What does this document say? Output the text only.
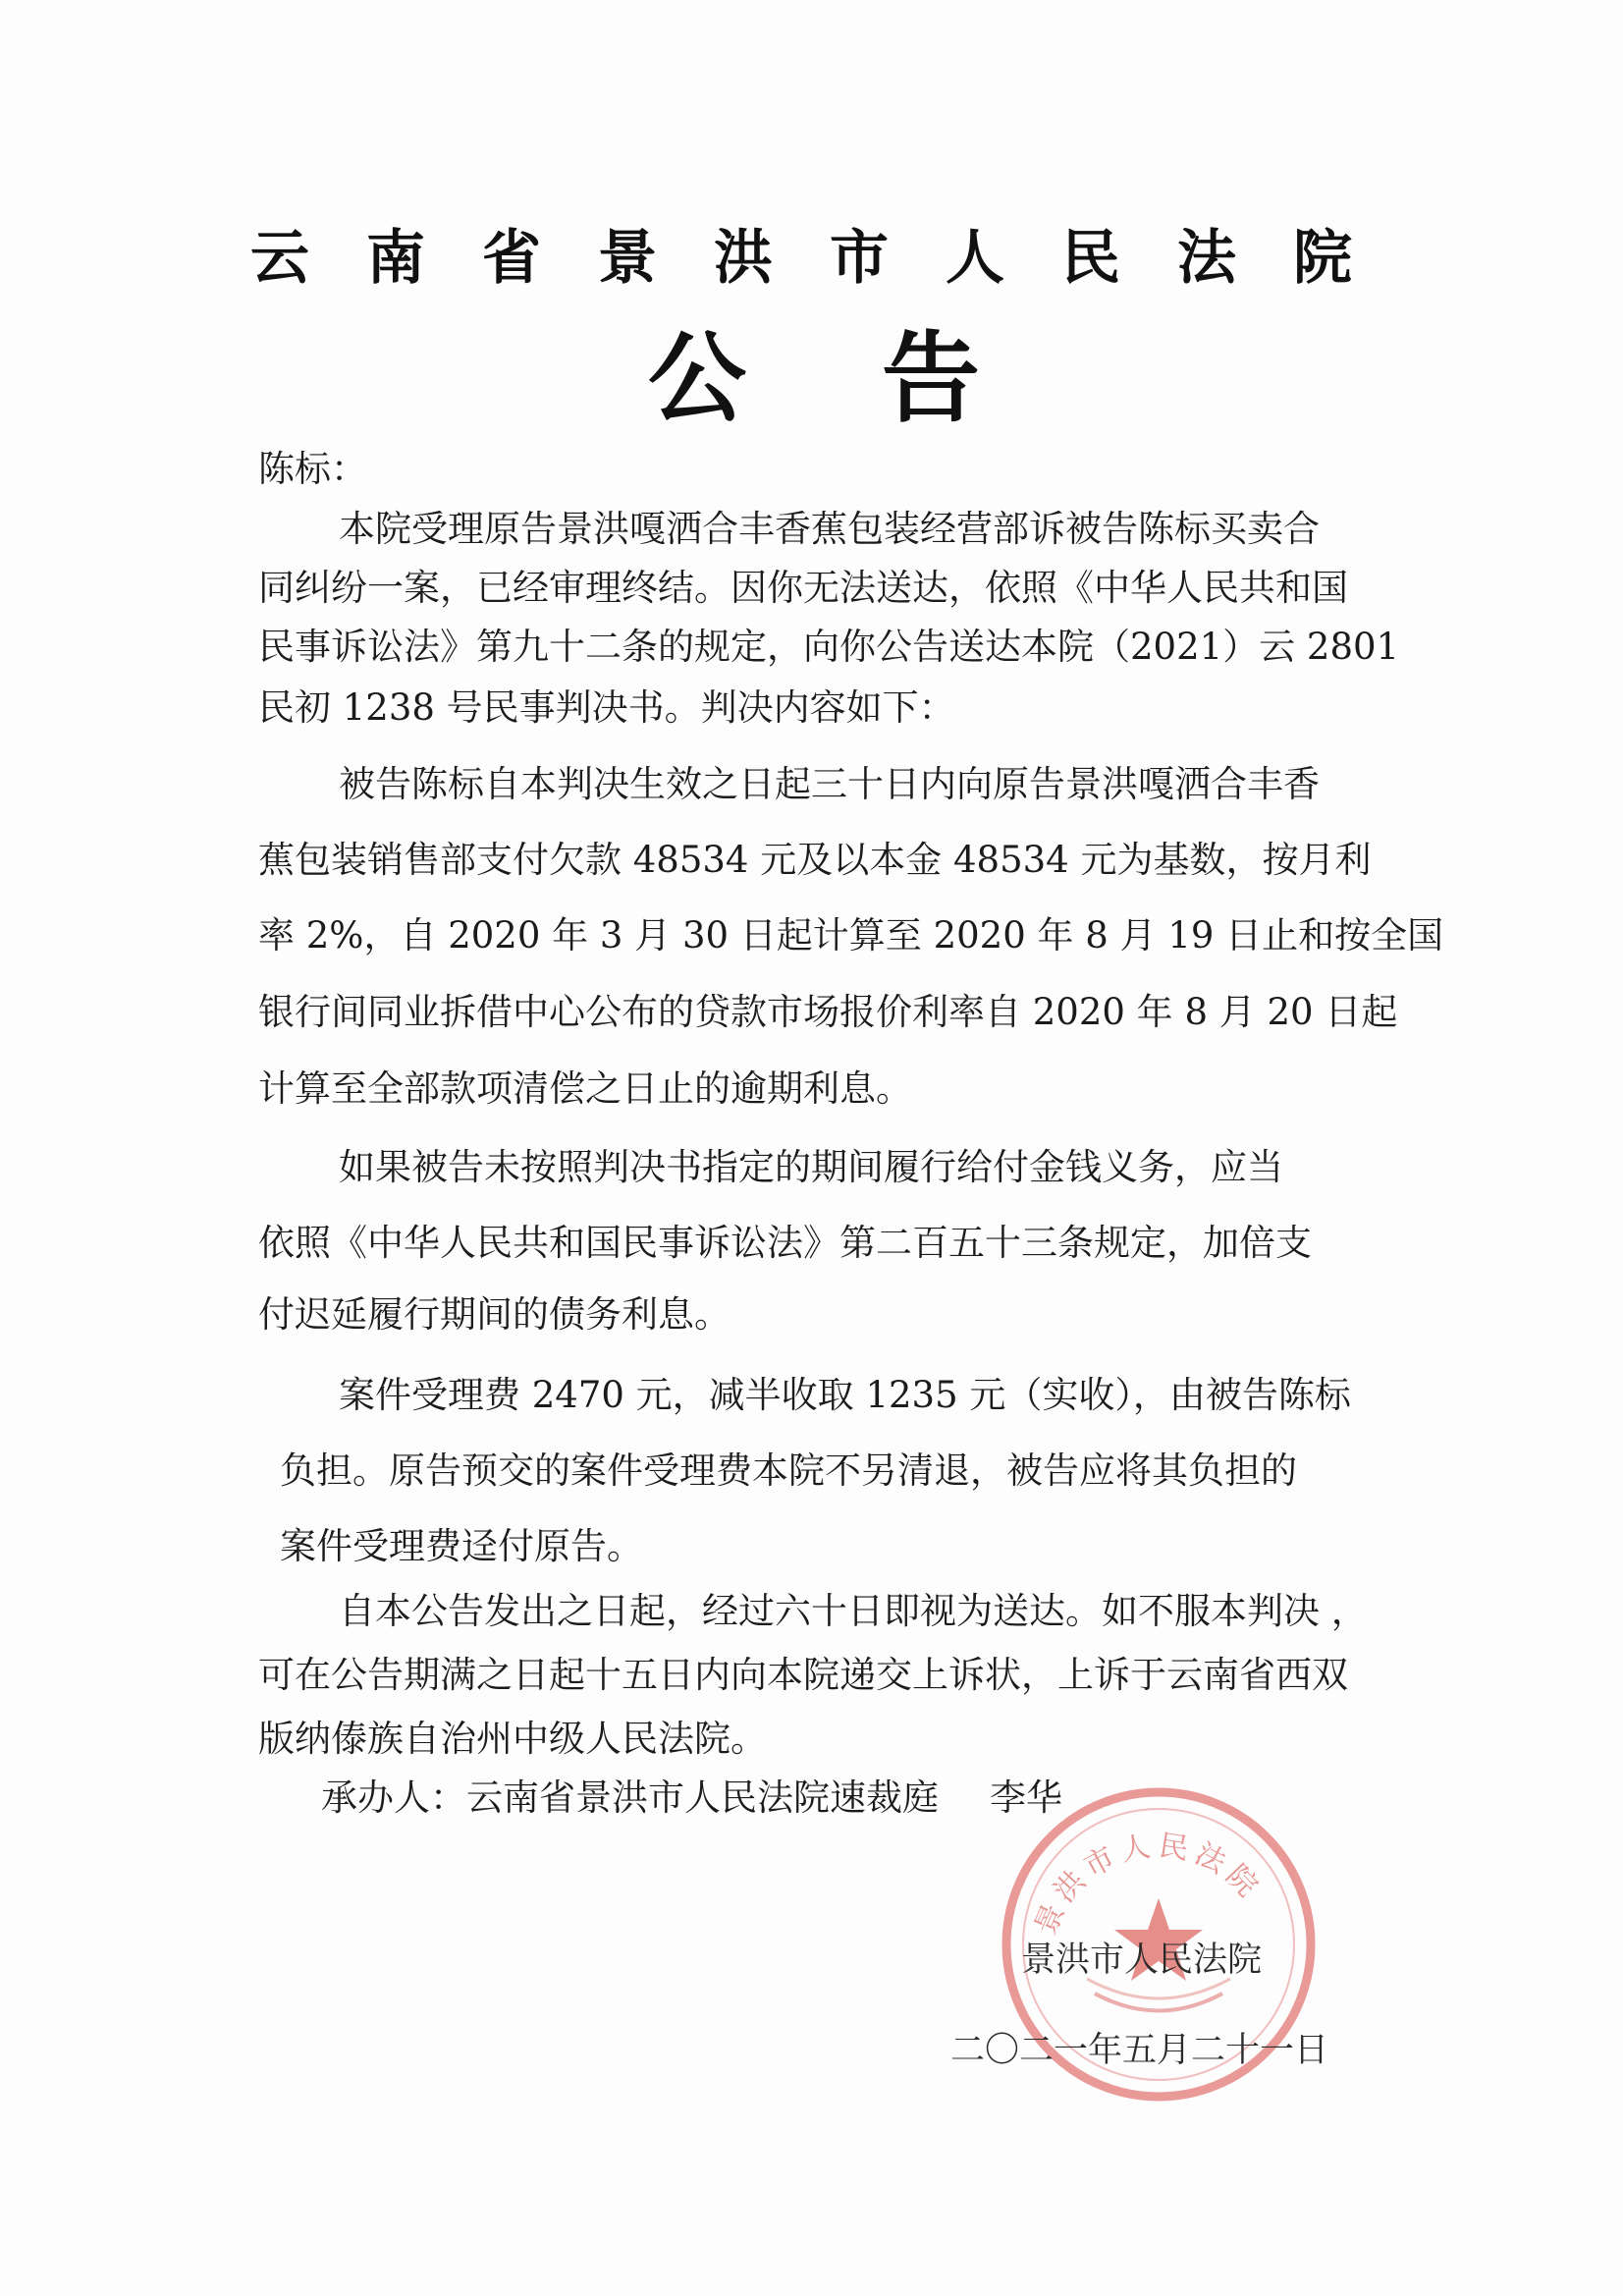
云南省景洪市人民法院
公告
陈标：
本院受理原告景洪嘎洒合丰香蕉包装经营部诉被告陈标买卖合
同纠纷一案，已经审理终结。因你无法送达，依照《中华人民共和国
民事诉讼法》第九十二条的规定，向你公告送达本院（2021）云 2801
民初 1238 号民事判决书。判决内容如下：
被告陈标自本判决生效之日起三十日内向原告景洪嘎洒合丰香
蕉包装销售部支付欠款 48534 元及以本金 48534 元为基数，按月利
率 2%，自 2020 年 3 月 30 日起计算至 2020 年 8 月 19 日止和按全国
银行间同业拆借中心公布的贷款市场报价利率自 2020 年 8 月 20 日起
计算至全部款项清偿之日止的逾期利息。
如果被告未按照判决书指定的期间履行给付金钱义务，应当
依照《中华人民共和国民事诉讼法》第二百五十三条规定，加倍支
付迟延履行期间的债务利息。
案件受理费 2470 元，减半收取 1235 元（实收），由被告陈标
负担。原告预交的案件受理费本院不另清退，被告应将其负担的
案件受理费迳付原告。
自本公告发出之日起，经过六十日即视为送达。如不服本判决 ，
可在公告期满之日起十五日内向本院递交上诉状，上诉于云南省西双
版纳傣族自治州中级人民法院。
承办人：云南省景洪市人民法院速裁庭 李华
景洪市人民法院
景洪市人民法院
二〇二一年五月二十一日
